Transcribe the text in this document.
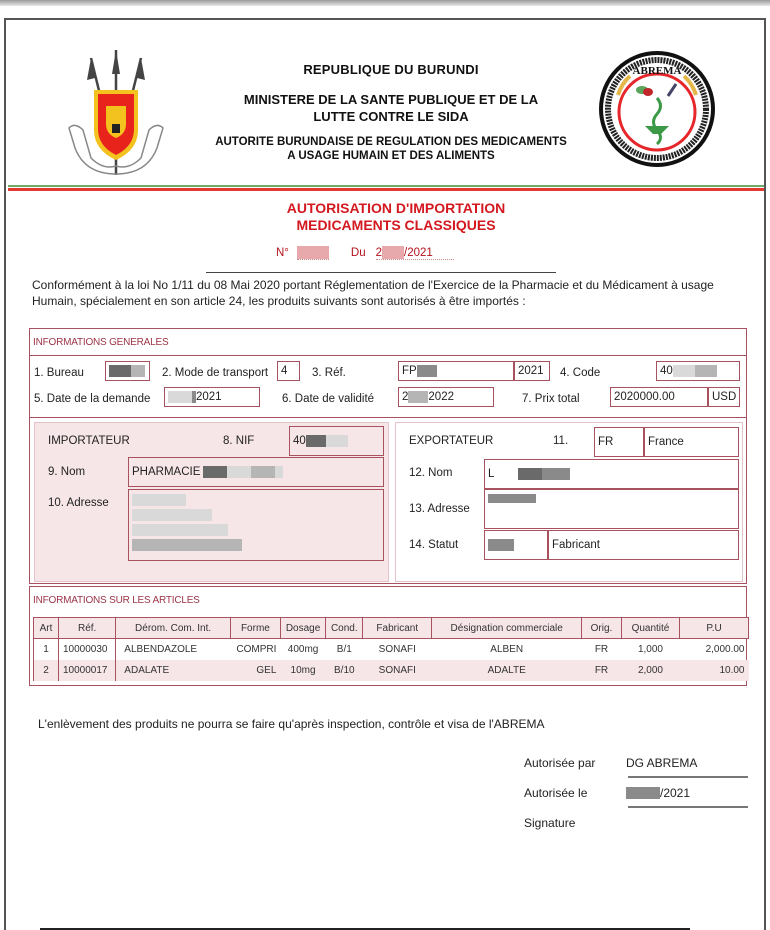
REPUBLIQUE DU BURUNDI
MINISTERE DE LA SANTE PUBLIQUE ET DE LA
LUTTE CONTRE LE SIDA
AUTORITE BURUNDAISE DE REGULATION DES MEDICAMENTS
A USAGE HUMAIN ET DES ALIMENTS
ABREMA
AUTORISATION D'IMPORTATION
MEDICAMENTS CLASSIQUES
N°	Du 2 /2021
Conformément à la loi No 1/11 du 08 Mai 2020 portant Réglementation de l'Exercice de la Pharmacie et du Médicament à usage Humain, spécialement en son article 24, les produits suivants sont autorisés à être importés :
INFORMATIONS GENERALES
1. Bureau	2. Mode de transport	4	3. Réf.	FP	2021	4. Code	40
5. Date de la demande	2021	6. Date de validité 2 2022	7. Prix total	2020000.00	USD
IMPORTATEUR	8. NIF	40
9. Nom	PHARMACIE
10. Adresse
EXPORTATEUR	11.	FR	France
12. Nom	L
13. Adresse
14. Statut	Fabricant
INFORMATIONS SUR LES ARTICLES
Art	Réf.	Dérom. Com. Int.	Forme	Dosage	Cond.	Fabricant	Désignation commerciale	Orig.	Quantité	P.U
1	10000030	ALBENDAZOLE	COMPRI	400mg	B/1	SONAFI	ALBEN	FR	1,000	2,000.00
2	10000017	ADALATE	GEL	10mg	B/10	SONAFI	ADALTE	FR	2,000	10.00
L'enlèvement des produits ne pourra se faire qu'après inspection, contrôle et visa de l'ABREMA
Autorisée par	DG ABREMA
Autorisée le	/2021
Signature
